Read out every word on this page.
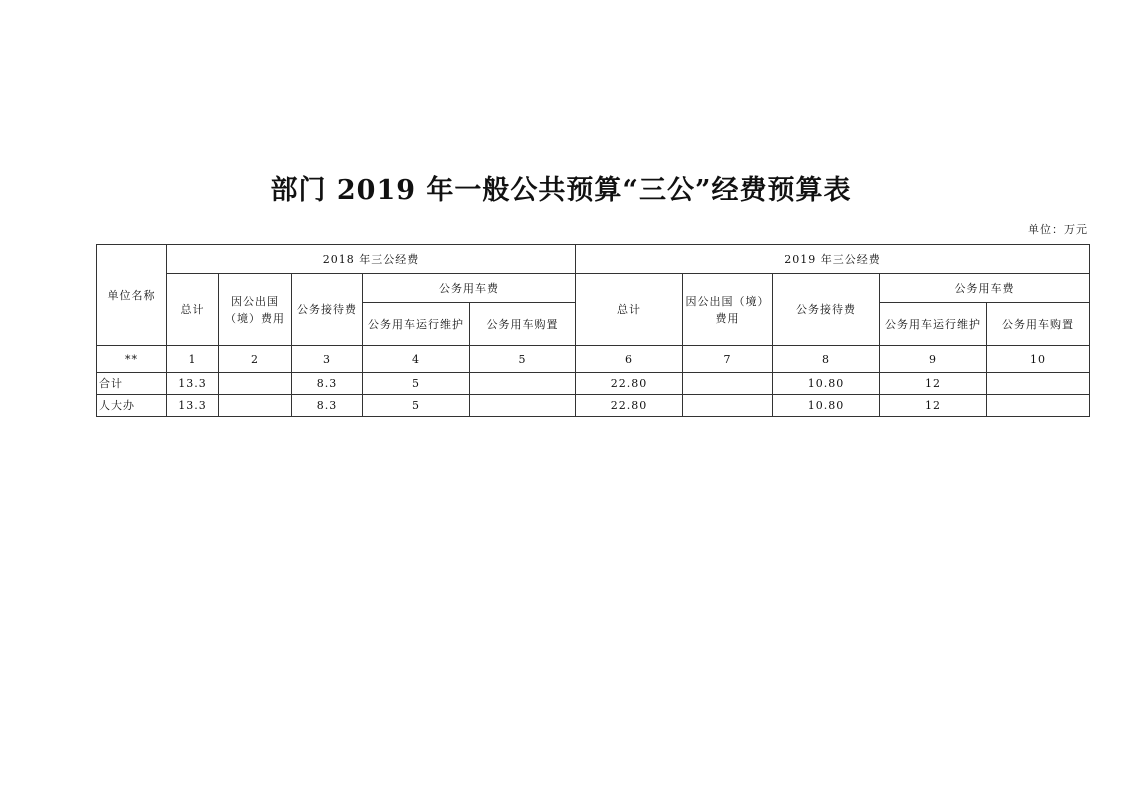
部门 2019 年一般公共预算“三公”经费预算表
单位：万元
单位名称	2018 年三公经费					2019 年三公经费				
	总计	因公出国（境）费用	公务接待费	公务用车费		总计	因公出国（境）费用	公务接待费	公务用车费	
				公务用车运行维护	公务用车购置				公务用车运行维护	公务用车购置
**	1	2	3	4	5	6	7	8	9	10
合计	13.3		8.3	5		22.80		10.80	12	
人大办	13.3		8.3	5		22.80		10.80	12	
